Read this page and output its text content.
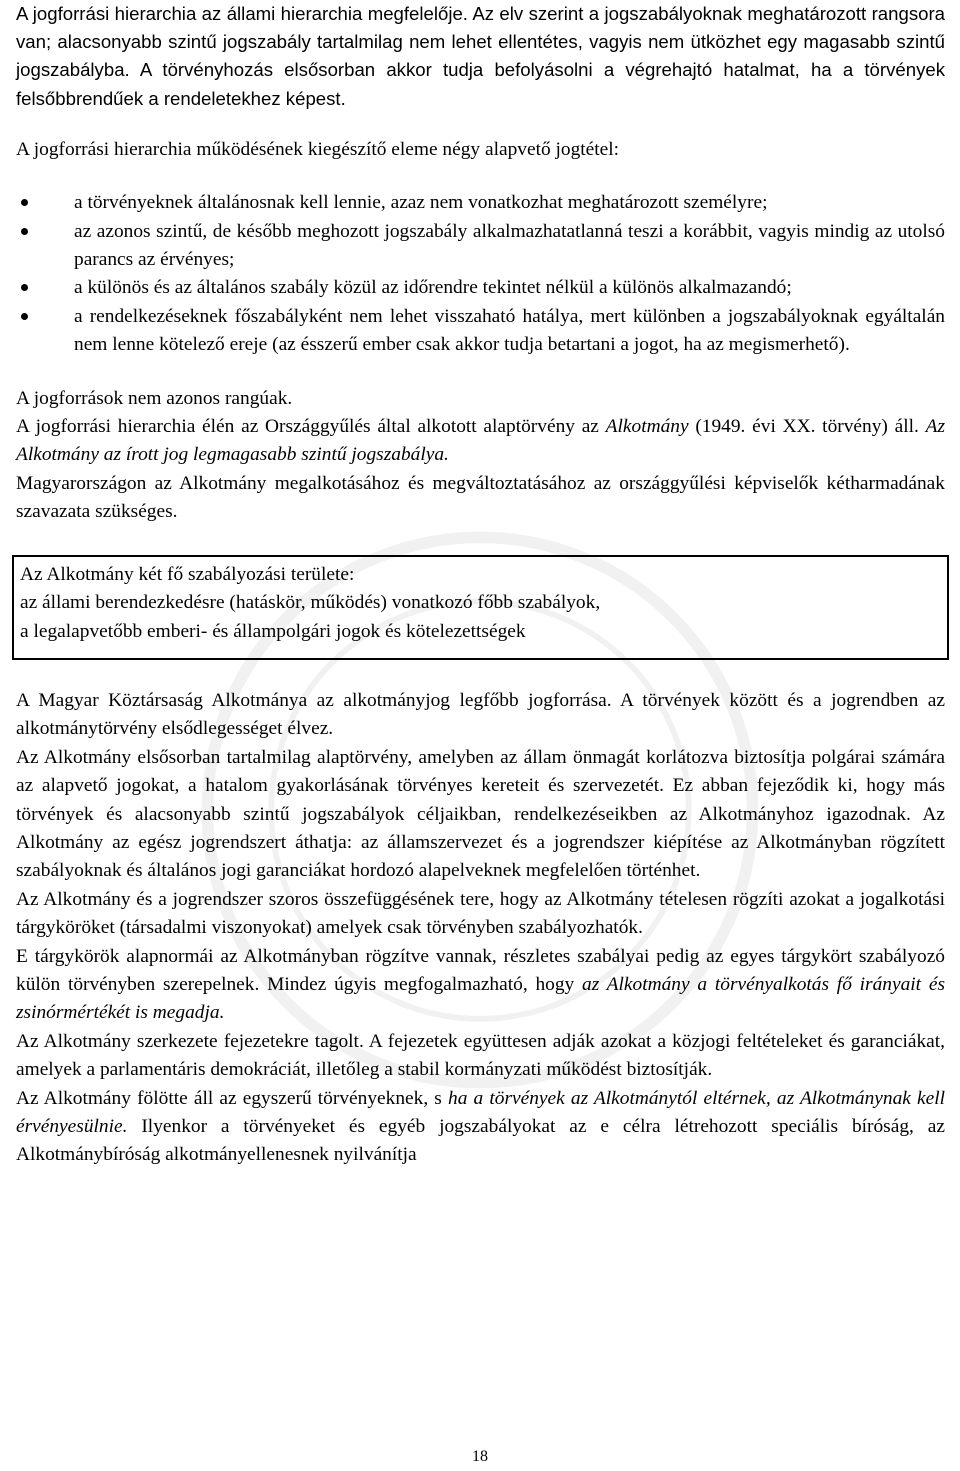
A jogforrási hierarchia az állami hierarchia megfelelője. Az elv szerint a jogszabályoknak meghatározott rangsora van; alacsonyabb szintű jogszabály tartalmilag nem lehet ellentétes, vagyis nem ütközhet egy magasabb szintű jogszabályba. A törvényhozás elsősorban akkor tudja befolyásolni a végrehajtó hatalmat, ha a törvények felsőbbrendűek a rendeletekhez képest.

A jogforrási hierarchia működésének kiegészítő eleme négy alapvető jogtétel:

a törvényeknek általánosnak kell lennie, azaz nem vonatkozhat meghatározott személyre;
az azonos szintű, de később meghozott jogszabály alkalmazhatatlanná teszi a korábbit, vagyis mindig az utolsó parancs az érvényes;
a különös és az általános szabály közül az időrendre tekintet nélkül a különös alkalmazandó;
a rendelkezéseknek főszabályként nem lehet visszaható hatálya, mert különben a jogszabályoknak egyáltalán nem lenne kötelező ereje (az ésszerű ember csak akkor tudja betartani a jogot, ha az megismerhető).

A jogforrások nem azonos rangúak.

A jogforrási hierarchia élén az Országgyűlés által alkotott alaptörvény az Alkotmány (1949. évi XX. törvény) áll. Az Alkotmány az írott jog legmagasabb szintű jogszabálya.

Magyarországon az Alkotmány megalkotásához és megváltoztatásához az országgyűlési képviselők kétharmadának szavazata szükséges.

Az Alkotmány két fő szabályozási területe:

az állami berendezkedésre (hatáskör, működés) vonatkozó főbb szabályok,

a legalapvetőbb emberi- és állampolgári jogok és kötelezettségek

A Magyar Köztársaság Alkotmánya az alkotmányjog legfőbb jogforrása. A törvények között és a jogrendben az alkotmánytörvény elsődlegességet élvez.

Az Alkotmány elsősorban tartalmilag alaptörvény, amelyben az állam önmagát korlátozva biztosítja polgárai számára az alapvető jogokat, a hatalom gyakorlásának törvényes kereteit és szervezetét. Ez abban fejeződik ki, hogy más törvények és alacsonyabb szintű jogszabályok céljaikban, rendelkezéseikben az Alkotmányhoz igazodnak. Az Alkotmány az egész jogrendszert áthatja: az államszervezet és a jogrendszer kiépítése az Alkotmányban rögzített szabályoknak és általános jogi garanciákat hordozó alapelveknek megfelelően történhet.

Az Alkotmány és a jogrendszer szoros összefüggésének tere, hogy az Alkotmány tételesen rögzíti azokat a jogalkotási tárgyköröket (társadalmi viszonyokat) amelyek csak törvényben szabályozhatók.

E tárgykörök alapnormái az Alkotmányban rögzítve vannak, részletes szabályai pedig az egyes tárgykört szabályozó külön törvényben szerepelnek. Mindez úgyis megfogalmazható, hogy az Alkotmány a törvényalkotás fő irányait és zsinórmértékét is megadja.

Az Alkotmány szerkezete fejezetekre tagolt. A fejezetek együttesen adják azokat a közjogi feltételeket és garanciákat, amelyek a parlamentáris demokráciát, illetőleg a stabil kormányzati működést biztosítják.

Az Alkotmány fölötte áll az egyszerű törvényeknek, s ha a törvények az Alkotmánytól eltérnek, az Alkotmánynak kell érvényesülnie. Ilyenkor a törvényeket és egyéb jogszabályokat az e célra létrehozott speciális bíróság, az Alkotmánybíróság alkotmányellenesnek nyilvánítja

18
